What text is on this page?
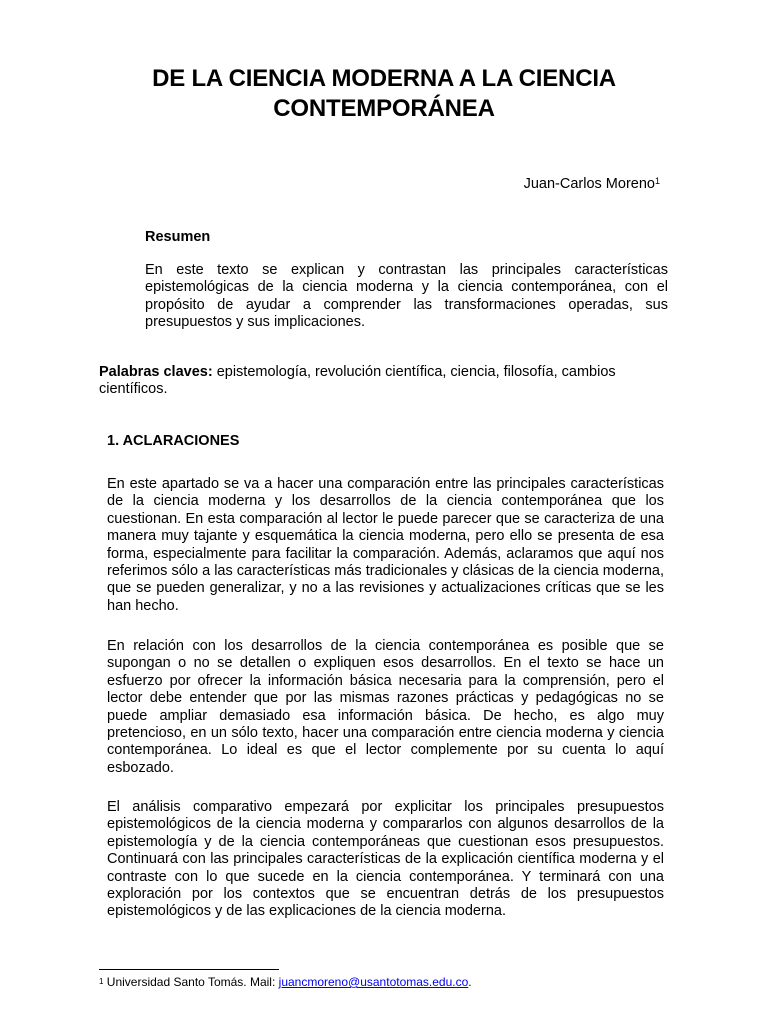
DE LA CIENCIA MODERNA A LA CIENCIA
CONTEMPORÁNEA
Juan-Carlos Moreno$^1$
Resumen
En este texto se explican y contrastan las principales características epistemológicas de la ciencia moderna y la ciencia contemporánea, con el propósito de ayudar a comprender las transformaciones operadas, sus presupuestos y sus implicaciones.
Palabras claves: epistemología, revolución científica, ciencia, filosofía, cambios científicos.
1. ACLARACIONES

En este apartado se va a hacer una comparación entre las principales características de la ciencia moderna y los desarrollos de la ciencia contemporánea que los cuestionan. En esta comparación al lector le puede parecer que se caracteriza de una manera muy tajante y esquemática la ciencia moderna, pero ello se presenta de esa forma, especialmente para facilitar la comparación. Además, aclaramos que aquí nos referimos sólo a las características más tradicionales y clásicas de la ciencia moderna, que se pueden generalizar, y no a las revisiones y actualizaciones críticas que se les han hecho.

En relación con los desarrollos de la ciencia contemporánea es posible que se supongan o no se detallen o expliquen esos desarrollos. En el texto se hace un esfuerzo por ofrecer la información básica necesaria para la comprensión, pero el lector debe entender que por las mismas razones prácticas y pedagógicas no se puede ampliar demasiado esa información básica. De hecho, es algo muy pretencioso, en un sólo texto, hacer una comparación entre ciencia moderna y ciencia contemporánea. Lo ideal es que el lector complemente por su cuenta lo aquí esbozado.

El análisis comparativo empezará por explicitar los principales presupuestos epistemológicos de la ciencia moderna y compararlos con algunos desarrollos de la epistemología y de la ciencia contemporáneas que cuestionan esos presupuestos. Continuará con las principales características de la explicación científica moderna y el contraste con lo que sucede en la ciencia contemporánea. Y terminará con una exploración por los contextos que se encuentran detrás de los presupuestos epistemológicos y de las explicaciones de la ciencia moderna.

$^1$ Universidad Santo Tomás. Mail: juancmoreno@usantotomas.edu.co.
